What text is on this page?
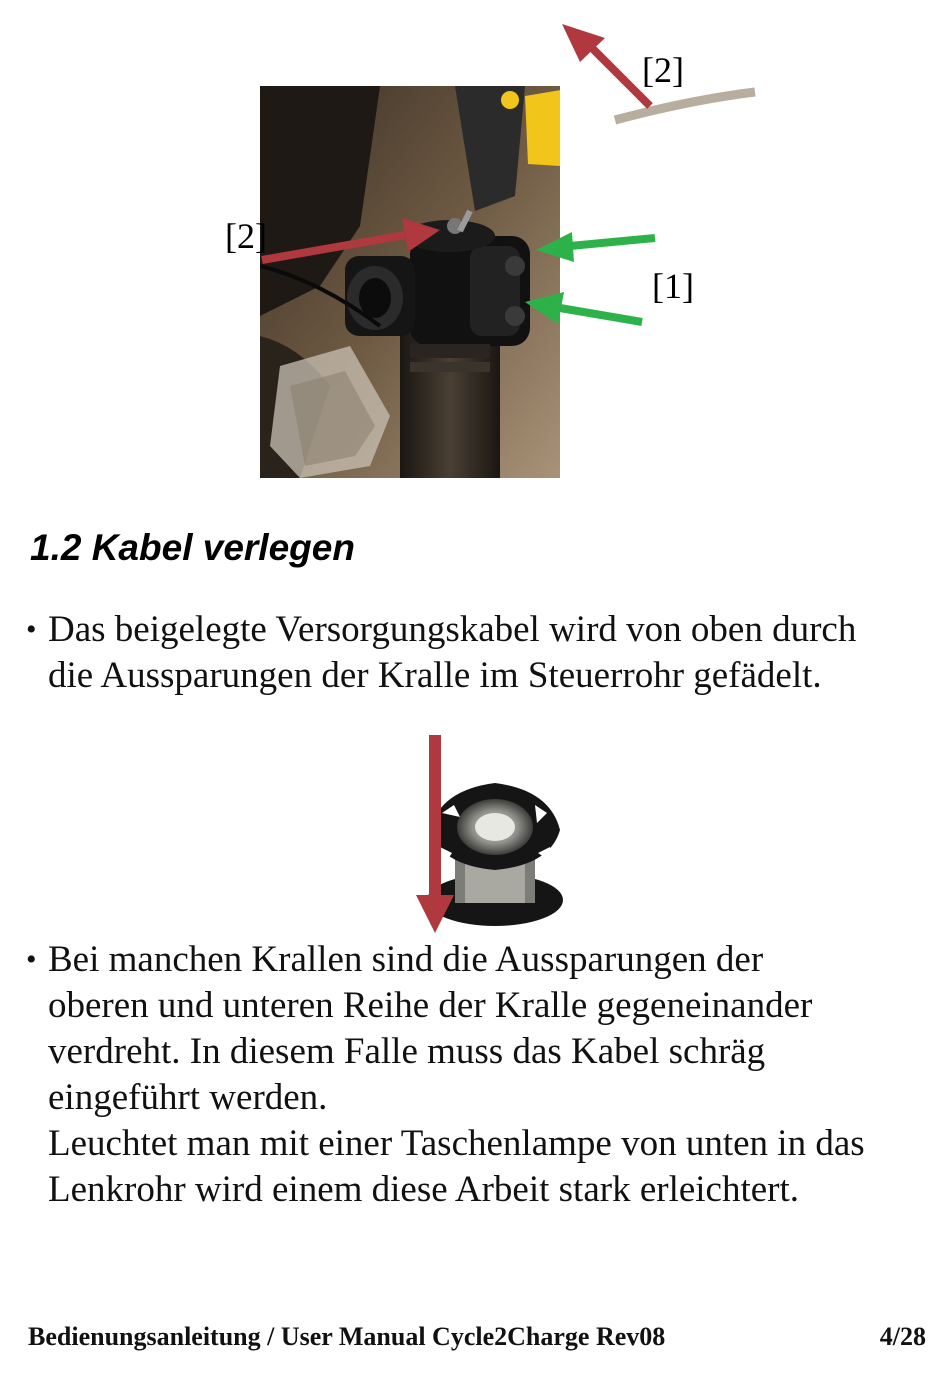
[2]
[2]
[1]
1.2 Kabel verlegen
• Das beigelegte Versorgungskabel wird von oben durch

die Aussparungen der Kralle im Steuerrohr gefädelt.

• Bei manchen Krallen sind die Aussparungen der

oberen und unteren Reihe der Kralle gegeneinander

verdreht. In diesem Falle muss das Kabel schräg

eingeführt werden.

Leuchtet man mit einer Taschenlampe von unten in das

Lenkrohr wird einem diese Arbeit stark erleichtert.

Bedienungsanleitung / User Manual Cycle2Charge Rev08	4/28
